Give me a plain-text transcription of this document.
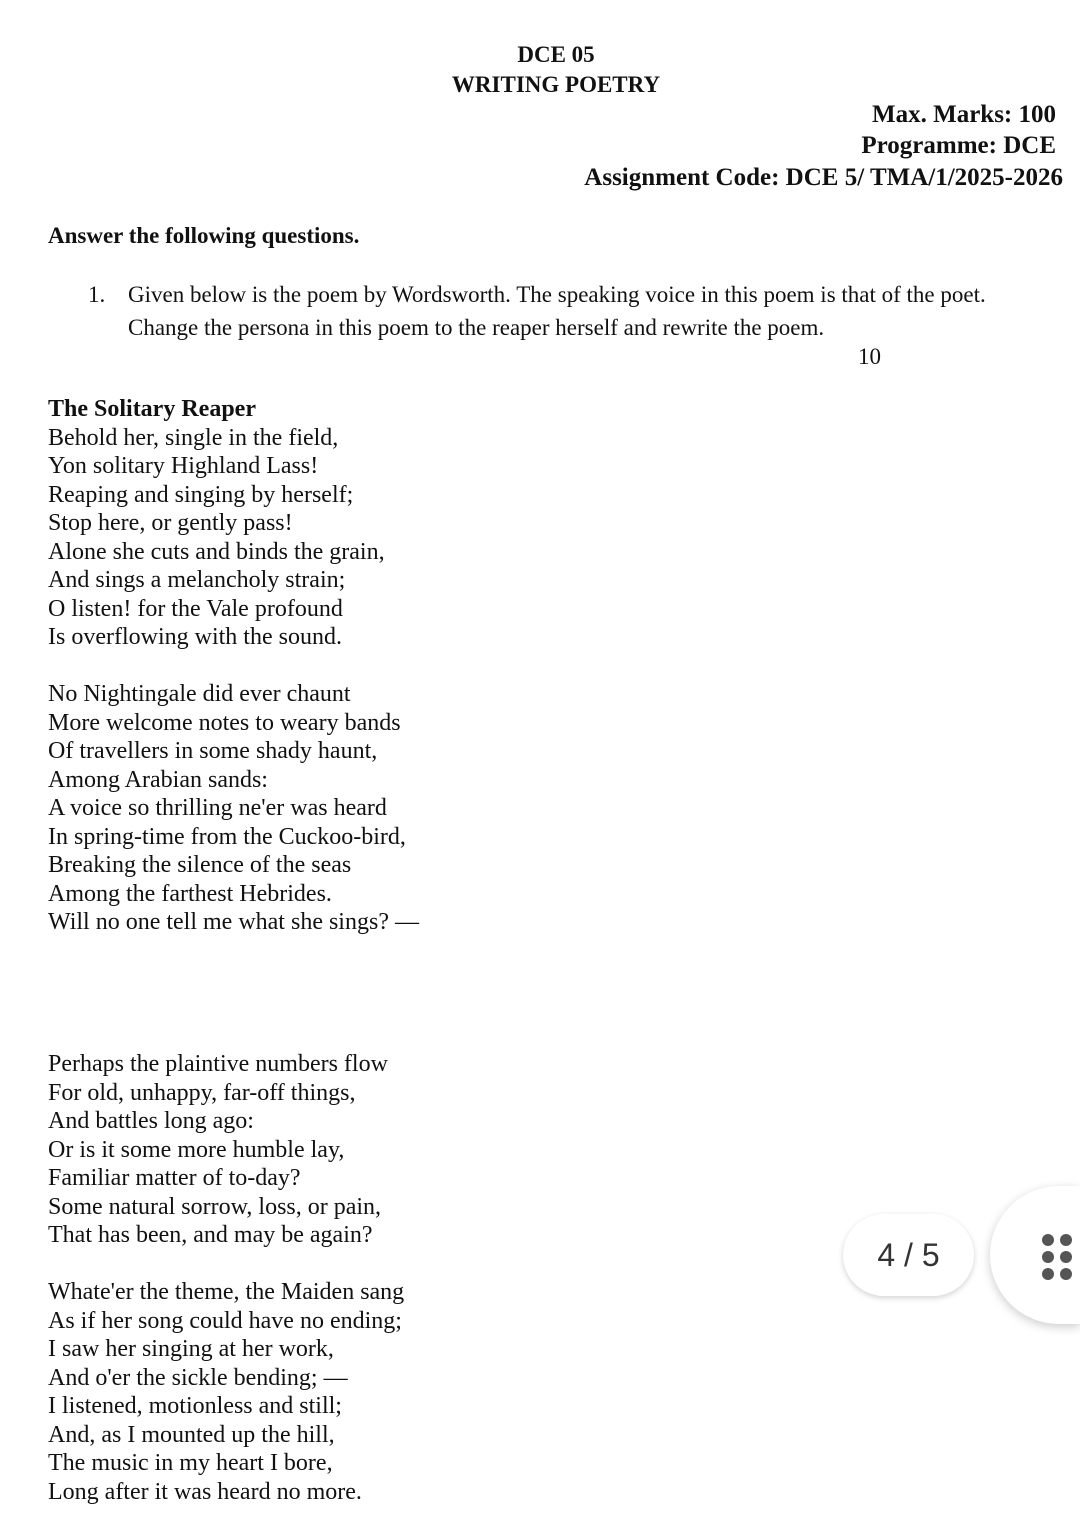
DCE 05
WRITING POETRY
Max. Marks: 100
Programme: DCE
Assignment Code: DCE 5/ TMA/1/2025-2026
Answer the following questions.
1. Given below is the poem by Wordsworth. The speaking voice in this poem is that of the poet.
Change the persona in this poem to the reaper herself and rewrite the poem.
10
The Solitary Reaper
Behold her, single in the field,
Yon solitary Highland Lass!
Reaping and singing by herself;
Stop here, or gently pass!
Alone she cuts and binds the grain,
And sings a melancholy strain;
O listen! for the Vale profound
Is overflowing with the sound.
No Nightingale did ever chaunt
More welcome notes to weary bands
Of travellers in some shady haunt,
Among Arabian sands:
A voice so thrilling ne'er was heard
In spring-time from the Cuckoo-bird,
Breaking the silence of the seas
Among the farthest Hebrides.
Will no one tell me what she sings? —
Perhaps the plaintive numbers flow
For old, unhappy, far-off things,
And battles long ago:
Or is it some more humble lay,
Familiar matter of to-day?
Some natural sorrow, loss, or pain,
That has been, and may be again?
Whate'er the theme, the Maiden sang
As if her song could have no ending;
I saw her singing at her work,
And o'er the sickle bending; —
I listened, motionless and still;
And, as I mounted up the hill,
The music in my heart I bore,
Long after it was heard no more.
4 / 5
